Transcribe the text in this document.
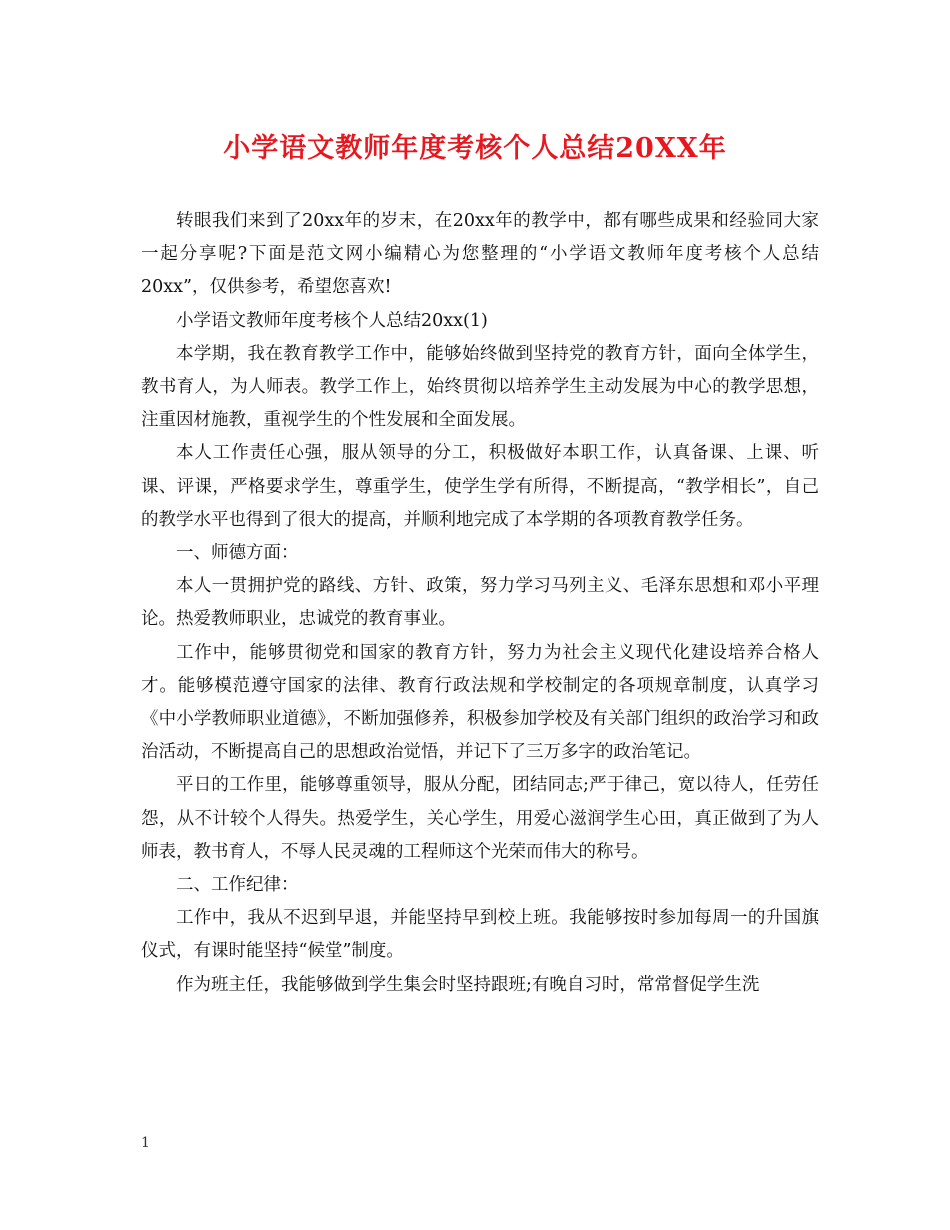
小学语文教师年度考核个人总结20XX年

转眼我们来到了20xx年的岁末，在20xx年的教学中，都有哪些成果和经验同大家一起分享呢?下面是范文网小编精心为您整理的“小学语文教师年度考核个人总结20xx”，仅供参考，希望您喜欢!

小学语文教师年度考核个人总结20xx(1)

本学期，我在教育教学工作中，能够始终做到坚持党的教育方针，面向全体学生，教书育人，为人师表。教学工作上，始终贯彻以培养学生主动发展为中心的教学思想，注重因材施教，重视学生的个性发展和全面发展。

本人工作责任心强，服从领导的分工，积极做好本职工作，认真备课、上课、听课、评课，严格要求学生，尊重学生，使学生学有所得，不断提高，“教学相长”，自己的教学水平也得到了很大的提高，并顺利地完成了本学期的各项教育教学任务。

一、师德方面：

本人一贯拥护党的路线、方针、政策，努力学习马列主义、毛泽东思想和邓小平理论。热爱教师职业，忠诚党的教育事业。

工作中，能够贯彻党和国家的教育方针，努力为社会主义现代化建设培养合格人才。能够模范遵守国家的法律、教育行政法规和学校制定的各项规章制度，认真学习《中小学教师职业道德》，不断加强修养，积极参加学校及有关部门组织的政治学习和政治活动，不断提高自己的思想政治觉悟，并记下了三万多字的政治笔记。

平日的工作里，能够尊重领导，服从分配，团结同志;严于律己，宽以待人，任劳任怨，从不计较个人得失。热爱学生，关心学生，用爱心滋润学生心田，真正做到了为人师表，教书育人，不辱人民灵魂的工程师这个光荣而伟大的称号。

二、工作纪律：

工作中，我从不迟到早退，并能坚持早到校上班。我能够按时参加每周一的升国旗仪式，有课时能坚持“候堂”制度。

作为班主任，我能够做到学生集会时坚持跟班;有晚自习时，常常督促学生洗

1
